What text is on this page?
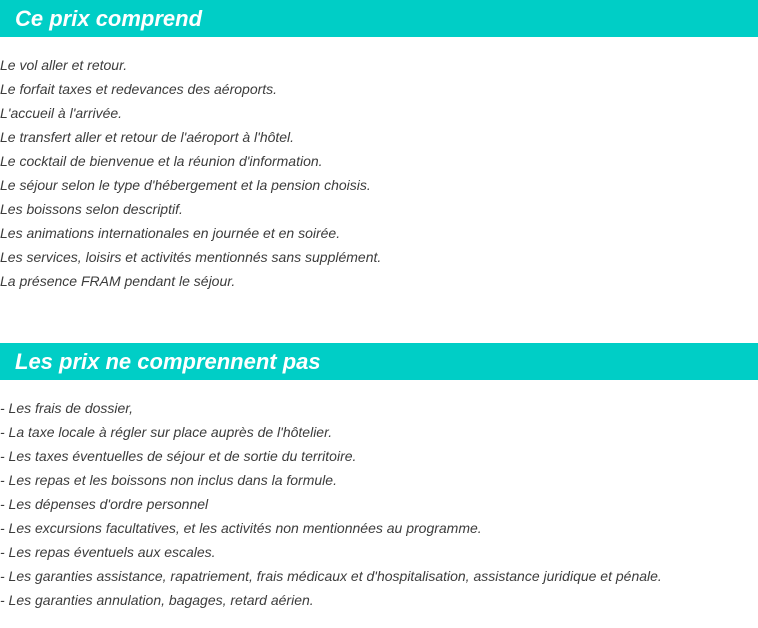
Ce prix comprend
Le vol aller et retour.
Le forfait taxes et redevances des aéroports.
L'accueil à l'arrivée.
Le transfert aller et retour de l'aéroport à l'hôtel.
Le cocktail de bienvenue et la réunion d'information.
Le séjour selon le type d'hébergement et la pension choisis.
Les boissons selon descriptif.
Les animations internationales en journée et en soirée.
Les services, loisirs et activités mentionnés sans supplément.
La présence FRAM pendant le séjour.
Les prix ne comprennent pas
- Les frais de dossier,
- La taxe locale à régler sur place auprès de l'hôtelier.
- Les taxes éventuelles de séjour et de sortie du territoire.
- Les repas et les boissons non inclus dans la formule.
- Les dépenses d'ordre personnel
- Les excursions facultatives, et les activités non mentionnées au programme.
- Les repas éventuels aux escales.
- Les garanties assistance, rapatriement, frais médicaux et d'hospitalisation, assistance juridique et pénale.
- Les garanties annulation, bagages, retard aérien.
